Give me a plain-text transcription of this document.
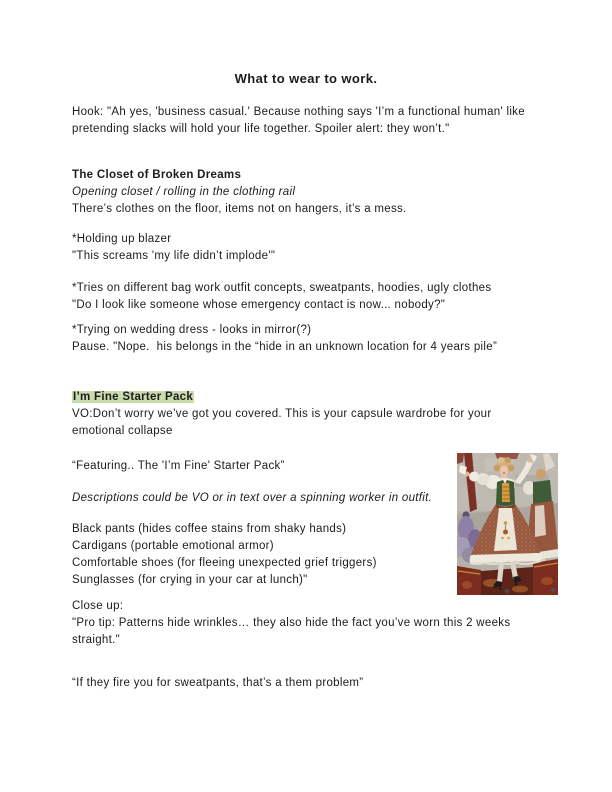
What to wear to work.
Hook: "Ah yes, 'business casual.' Because nothing says 'I’m a functional human' like
pretending slacks will hold your life together. Spoiler alert: they won’t."
The Closet of Broken Dreams
Opening closet / rolling in the clothing rail
There’s clothes on the floor, items not on hangers, it’s a mess.
*Holding up blazer
"This screams 'my life didn’t implode'"
*Tries on different bag work outfit concepts, sweatpants, hoodies, ugly clothes
"Do I look like someone whose emergency contact is now... nobody?"
*Trying on wedding dress - looks in mirror(?)
Pause. "Nope.  his belongs in the “hide in an unknown location for 4 years pile”
I’m Fine Starter Pack
VO:Don’t worry we’ve got you covered. This is your capsule wardrobe for your
emotional collapse
“Featuring.. The 'I’m Fine' Starter Pack”
Descriptions could be VO or in text over a spinning worker in outfit.
Black pants (hides coffee stains from shaky hands)
Cardigans (portable emotional armor)
Comfortable shoes (for fleeing unexpected grief triggers)
Sunglasses (for crying in your car at lunch)"
Close up:
"Pro tip: Patterns hide wrinkles… they also hide the fact you’ve worn this 2 weeks
straight."
“If they fire you for sweatpants, that’s a them problem”
